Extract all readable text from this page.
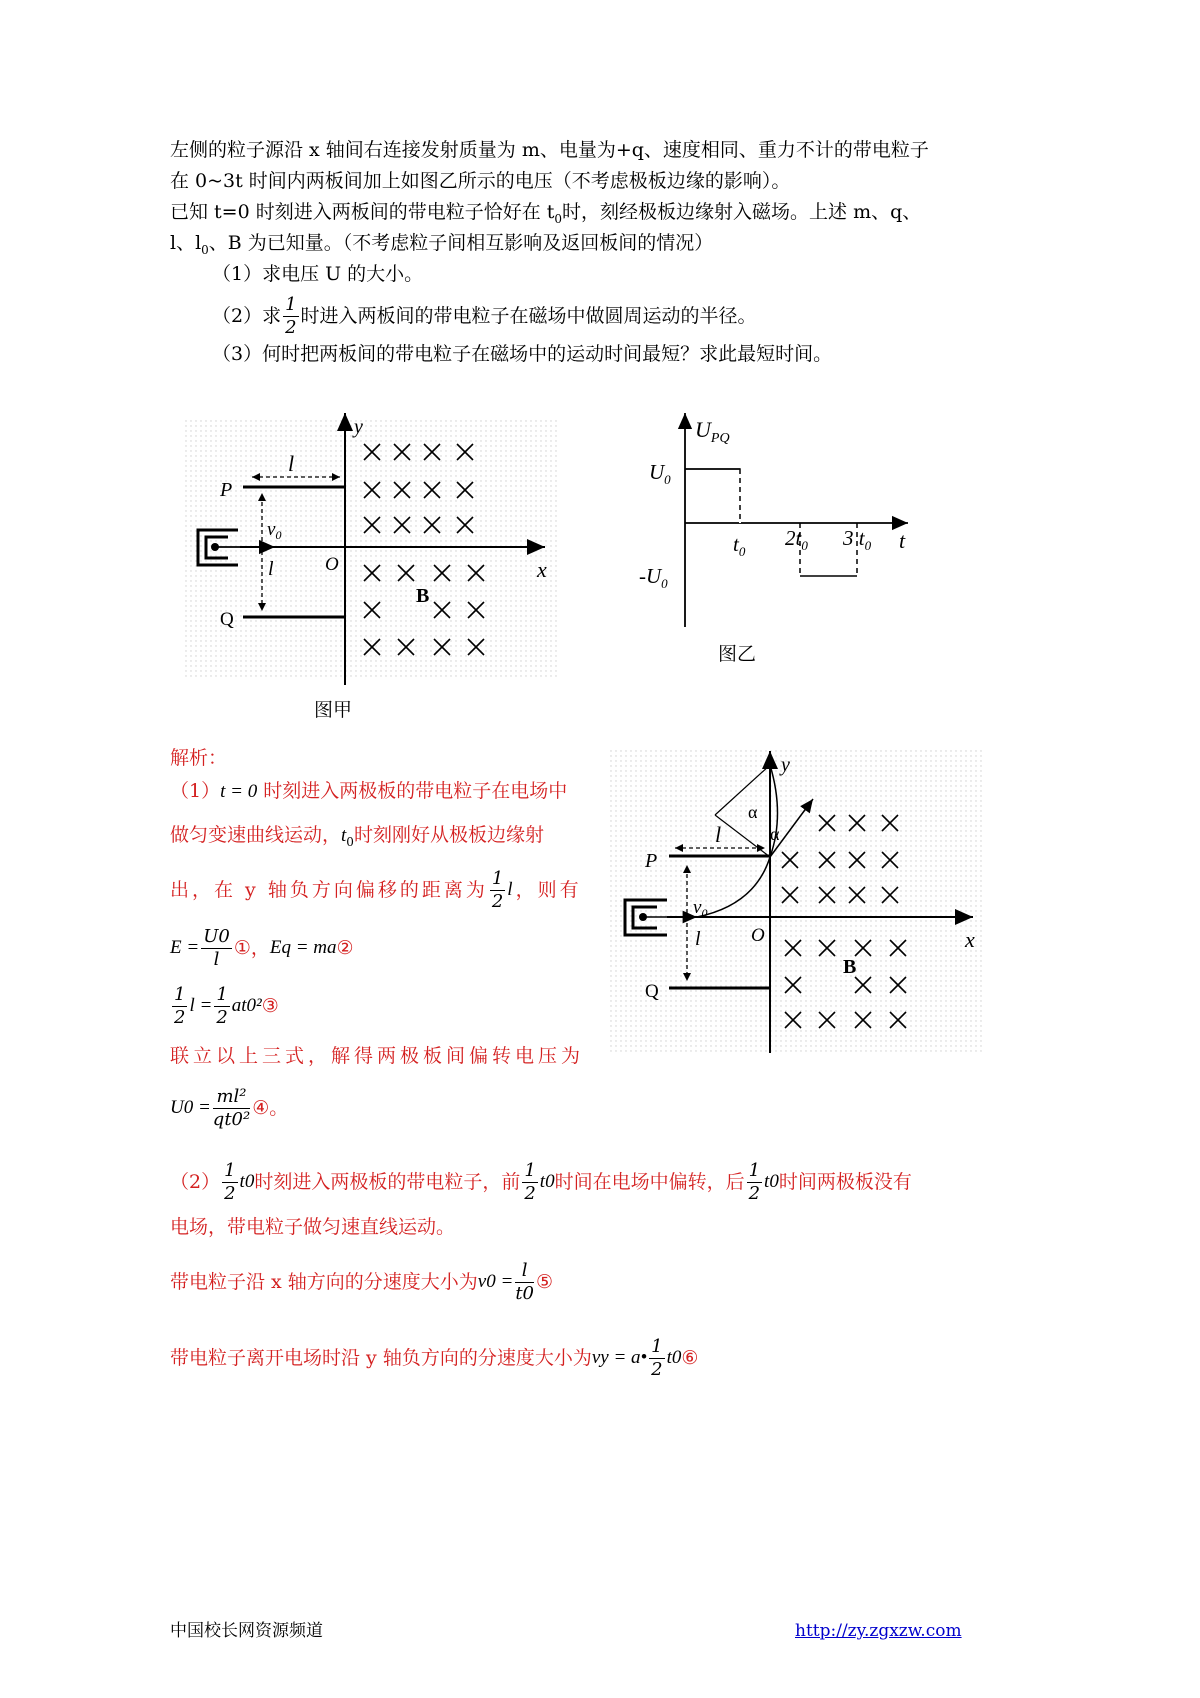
左侧的粒子源沿 x 轴间右连接发射质量为 m、电量为+q、速度相同、重力不计的带电粒子
在 0~3t 时间内两板间加上如图乙所示的电压（不考虑极板边缘的影响）。
已知 t=0 时刻进入两板间的带电粒子恰好在 $t_0$时，刻经极板边缘射入磁场。上述 m、q、
l、$l_0$、B 为已知量。（不考虑粒子间相互影响及返回板间的情况）
（1）求电压 U 的大小。
（2）求 $\frac{1}{2}$ 时进入两板间的带电粒子在磁场中做圆周运动的半径。
（3）何时把两板间的带电粒子在磁场中的运动时间最短？求此最短时间。
y
x
O
P
Q
l
l
$v_0$
B
图甲
$U_{PQ}$
$U_0$
$-U_0$
$t_0$
$2t_0$ 3 $t_0$ t
图乙
解析：
（1）t = 0 时刻进入两极板的带电粒子在电场中
做匀变速曲线运动，$t_0$时刻刚好从极板边缘射
出，在 y 轴负方向偏移的距离为 $\frac{1}{2}$ l ，则有
$E = \frac{U0}{l}$ ①， Eq = ma ②
$\frac{1}{2}$ $l = \frac{1}{2} at0^2$ ③
联立以上三式，解得两极板间偏转电压为
$U0 = \frac{\text{ml²}}{\text{qt0²}}$ ④。
$(2) \frac{1}{2} t0$ 时刻进入两极板的带电粒子，前 $\frac{1}{2} t0$ 时间在电场中偏转，后 $\frac{1}{2} t0$ 时间两极板没有
电场，带电粒子做匀速直线运动。
带电粒子沿 x 轴方向的分速度大小为 $v0 = \frac{l}{t0}$ ⑤
带电粒子离开电场时沿 y 轴负方向的分速度大小为 vy = a• $\frac{1}{2} t0$ ⑥
y
x
O
P
Q
l
l
$v_0$
α
α
B
中国校长网资源频道	http://zy.zgxzw.com
